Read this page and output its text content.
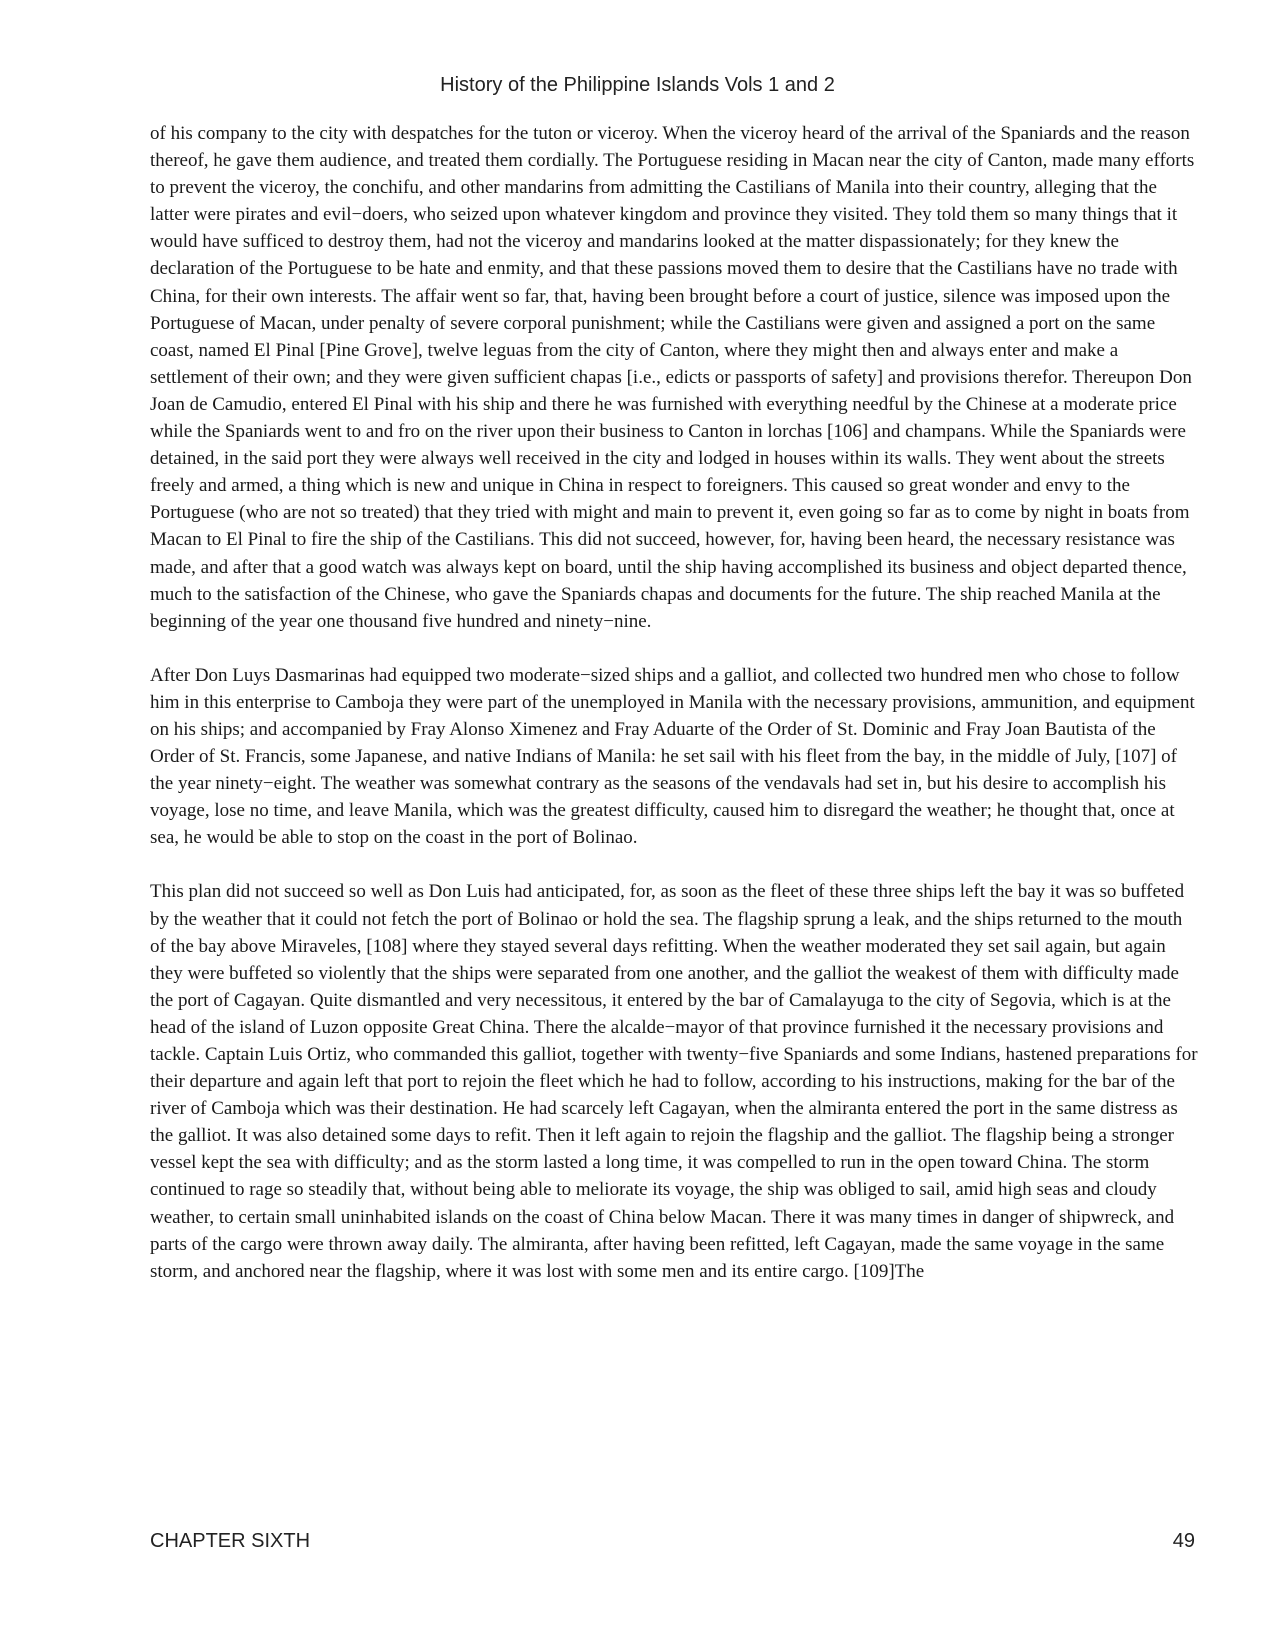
History of the Philippine Islands Vols 1 and 2

of his company to the city with despatches for the tuton or viceroy. When the viceroy heard of the arrival of the Spaniards and the reason thereof, he gave them audience, and treated them cordially. The Portuguese residing in Macan near the city of Canton, made many efforts to prevent the viceroy, the conchifu, and other mandarins from admitting the Castilians of Manila into their country, alleging that the latter were pirates and evil−doers, who seized upon whatever kingdom and province they visited. They told them so many things that it would have sufficed to destroy them, had not the viceroy and mandarins looked at the matter dispassionately; for they knew the declaration of the Portuguese to be hate and enmity, and that these passions moved them to desire that the Castilians have no trade with China, for their own interests. The affair went so far, that, having been brought before a court of justice, silence was imposed upon the Portuguese of Macan, under penalty of severe corporal punishment; while the Castilians were given and assigned a port on the same coast, named El Pinal [Pine Grove], twelve leguas from the city of Canton, where they might then and always enter and make a settlement of their own; and they were given sufficient chapas [i.e., edicts or passports of safety] and provisions therefor. Thereupon Don Joan de Camudio, entered El Pinal with his ship and there he was furnished with everything needful by the Chinese at a moderate price while the Spaniards went to and fro on the river upon their business to Canton in lorchas [106] and champans. While the Spaniards were detained, in the said port they were always well received in the city and lodged in houses within its walls. They went about the streets freely and armed, a thing which is new and unique in China in respect to foreigners. This caused so great wonder and envy to the Portuguese (who are not so treated) that they tried with might and main to prevent it, even going so far as to come by night in boats from Macan to El Pinal to fire the ship of the Castilians. This did not succeed, however, for, having been heard, the necessary resistance was made, and after that a good watch was always kept on board, until the ship having accomplished its business and object departed thence, much to the satisfaction of the Chinese, who gave the Spaniards chapas and documents for the future. The ship reached Manila at the beginning of the year one thousand five hundred and ninety−nine.

After Don Luys Dasmarinas had equipped two moderate−sized ships and a galliot, and collected two hundred men who chose to follow him in this enterprise to Camboja they were part of the unemployed in Manila with the necessary provisions, ammunition, and equipment on his ships; and accompanied by Fray Alonso Ximenez and Fray Aduarte of the Order of St. Dominic and Fray Joan Bautista of the Order of St. Francis, some Japanese, and native Indians of Manila: he set sail with his fleet from the bay, in the middle of July, [107] of the year ninety−eight. The weather was somewhat contrary as the seasons of the vendavals had set in, but his desire to accomplish his voyage, lose no time, and leave Manila, which was the greatest difficulty, caused him to disregard the weather; he thought that, once at sea, he would be able to stop on the coast in the port of Bolinao.

This plan did not succeed so well as Don Luis had anticipated, for, as soon as the fleet of these three ships left the bay it was so buffeted by the weather that it could not fetch the port of Bolinao or hold the sea. The flagship sprung a leak, and the ships returned to the mouth of the bay above Miraveles, [108] where they stayed several days refitting. When the weather moderated they set sail again, but again they were buffeted so violently that the ships were separated from one another, and the galliot the weakest of them with difficulty made the port of Cagayan. Quite dismantled and very necessitous, it entered by the bar of Camalayuga to the city of Segovia, which is at the head of the island of Luzon opposite Great China. There the alcalde−mayor of that province furnished it the necessary provisions and tackle. Captain Luis Ortiz, who commanded this galliot, together with twenty−five Spaniards and some Indians, hastened preparations for their departure and again left that port to rejoin the fleet which he had to follow, according to his instructions, making for the bar of the river of Camboja which was their destination. He had scarcely left Cagayan, when the almiranta entered the port in the same distress as the galliot. It was also detained some days to refit. Then it left again to rejoin the flagship and the galliot. The flagship being a stronger vessel kept the sea with difficulty; and as the storm lasted a long time, it was compelled to run in the open toward China. The storm continued to rage so steadily that, without being able to meliorate its voyage, the ship was obliged to sail, amid high seas and cloudy weather, to certain small uninhabited islands on the coast of China below Macan. There it was many times in danger of shipwreck, and parts of the cargo were thrown away daily. The almiranta, after having been refitted, left Cagayan, made the same voyage in the same storm, and anchored near the flagship, where it was lost with some men and its entire cargo. [109]The

CHAPTER SIXTH	49
